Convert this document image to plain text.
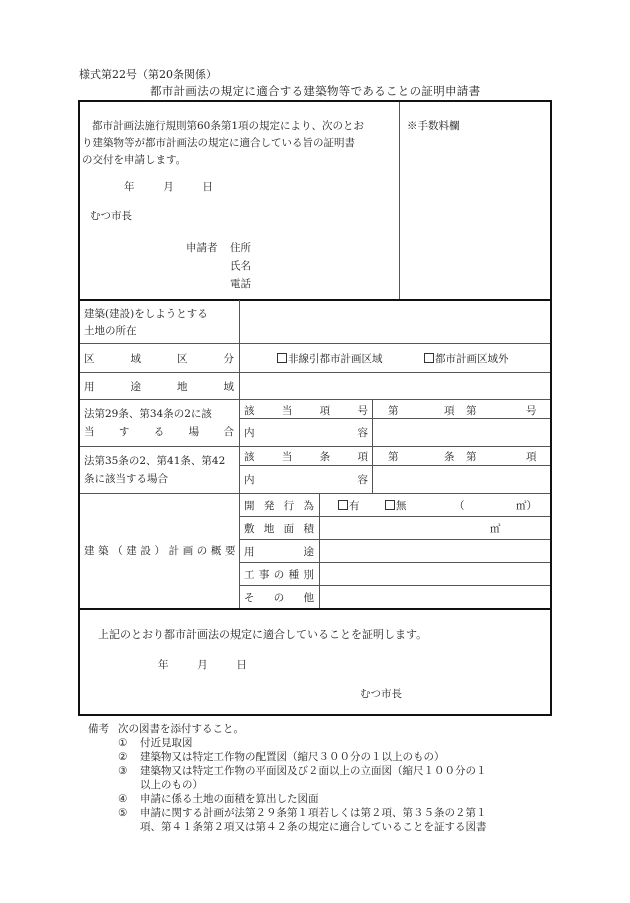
様式第22号（第20条関係）
都市計画法の規定に適合する建築物等であることの証明申請書
都市計画法施行規則第60条第1項の規定により、次のとお
り建築物等が都市計画法の規定に適合している旨の証明書
の交付を申請します。
年	月	日
むつ市長
申請者 住所
氏名
電話
※手数料欄
建築(建設)をしようとする
土地の所在
区	域	区	分	非線引都市計画区域	都市計画区域外
用	途	地	域
法第29条、第34条の2に該
当 す る 場 合
該	当	項	号 第	項 第	号
内	容
法第35条の2、第41条、第42
条に該当する場合
該	当	条	項 第	条 第	項
内	容
建築（建設）計画の概要
開 発 行 為	有	無	（	㎡）
敷 地 面 積	㎡
用	途
工 事 の 種 別
そ の 他
上記のとおり都市計画法の規定に適合していることを証明します。
年	月	日
むつ市長
備考 次の図書を添付すること。
①	付近見取図
②	建築物又は特定工作物の配置図（縮尺３００分の１以上のもの）
③	建築物又は特定工作物の平面図及び２面以上の立面図（縮尺１００分の１
以上のもの）
④	申請に係る土地の面積を算出した図面
⑤	申請に関する計画が法第２９条第１項若しくは第２項、第３５条の２第１
項、第４１条第２項又は第４２条の規定に適合していることを証する図書
